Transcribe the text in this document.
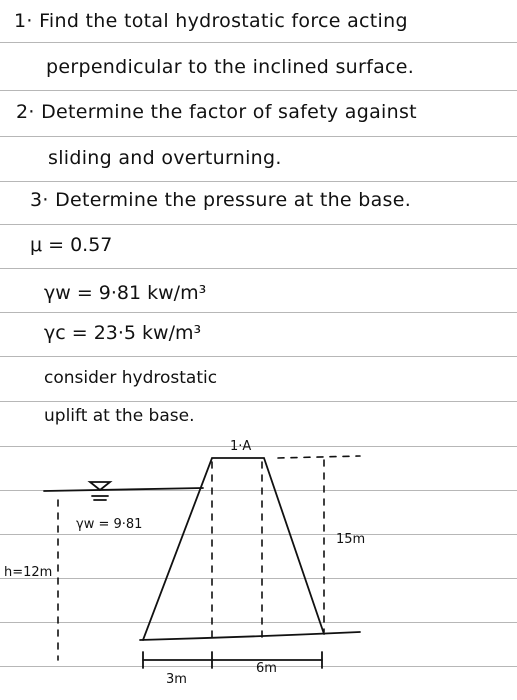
1· Find the total hydrostatic force acting
perpendicular to the inclined surface.
2· Determine the factor of safety against
sliding and overturning.
3· Determine the pressure at the base.
μ = 0.57
γw = 9·81 kw/m³
γc = 23·5 kw/m³
consider hydrostatic
uplift at the base.
1·A
γw = 9·81
h=12m
15m
3m
6m
